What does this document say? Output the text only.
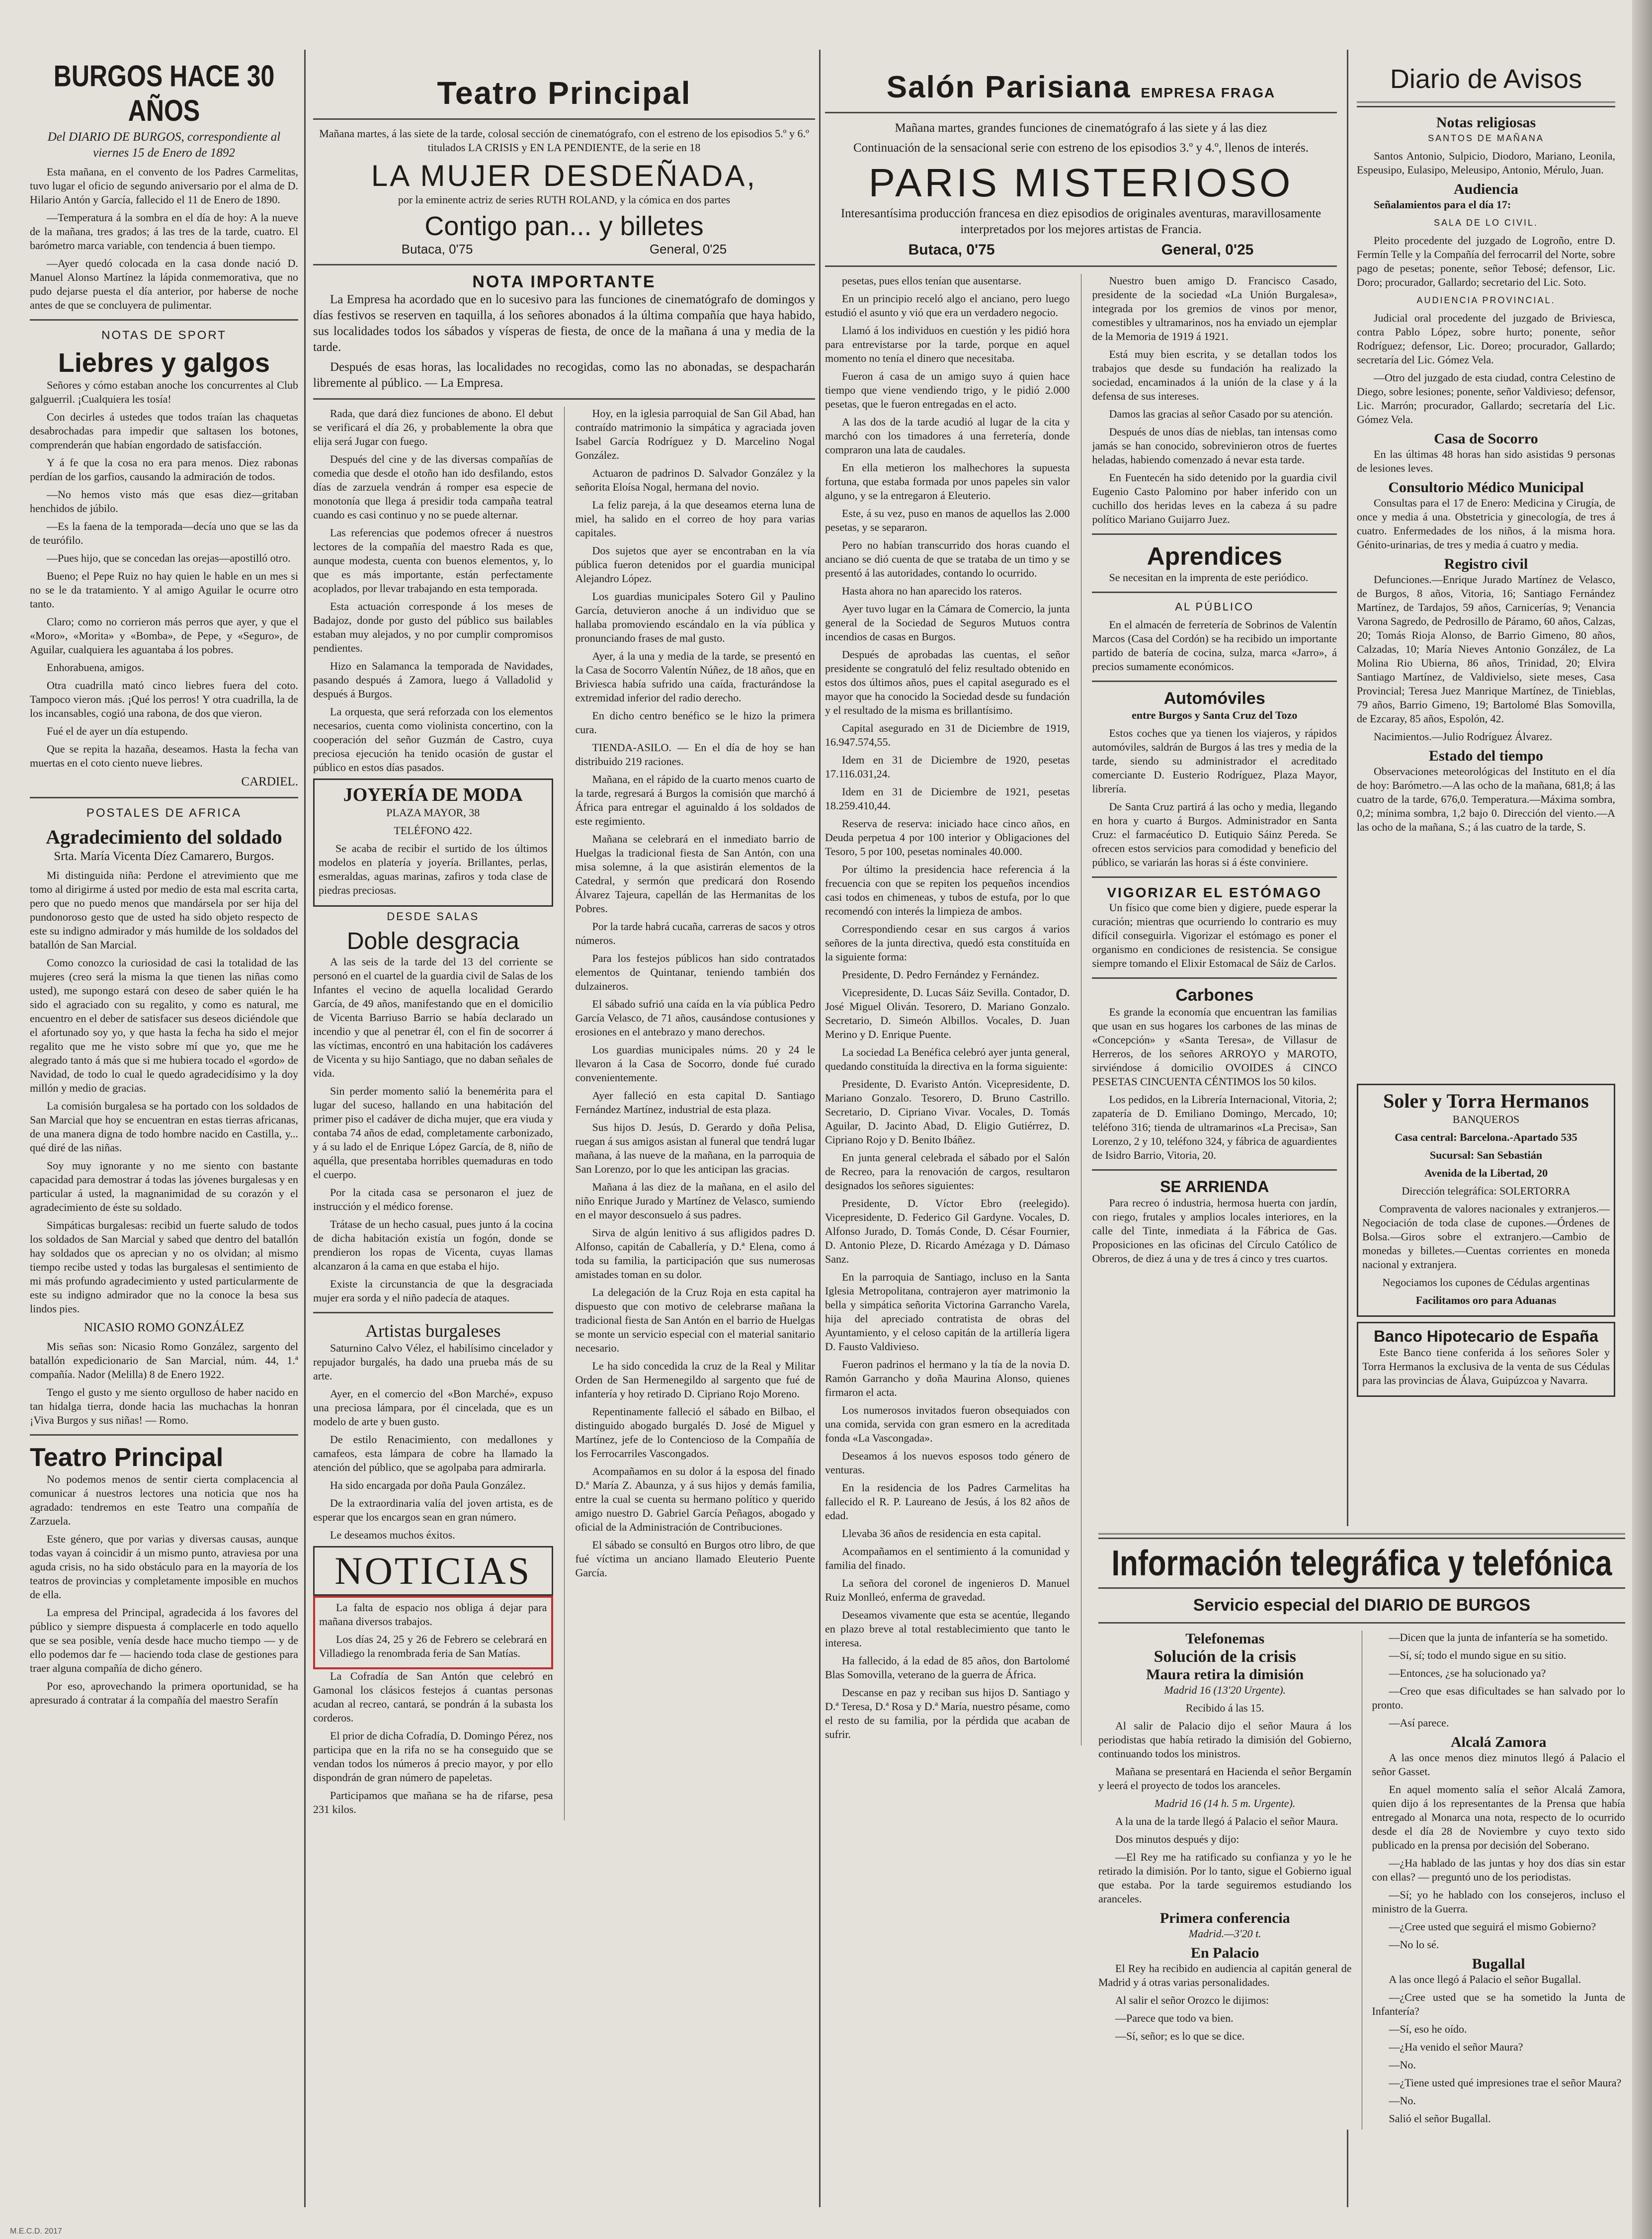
BURGOS HACE 30 AÑOS

Del DIARIO DE BURGOS, correspondiente al viernes 15 de Enero de 1892

Esta mañana, en el convento de los Padres Carmelitas, tuvo lugar el oficio de segundo aniversario por el alma de D. Hilario Antón y García, fallecido el 11 de Enero de 1890.

—Temperatura á la sombra en el día de hoy: A la nueve de la mañana, tres grados; á las tres de la tarde, cuatro. El barómetro marca variable, con tendencia á buen tiempo.

—Ayer quedó colocada en la casa donde nació D. Manuel Alonso Martínez la lápida conmemorativa, que no pudo dejarse puesta el día anterior, por haberse de noche antes de que se concluyera de pulimentar.

NOTAS DE SPORT

Liebres y galgos

Señores y cómo estaban anoche los concurrentes al Club galguerril. ¡Cualquiera les tosía!

Con decirles á ustedes que todos traían las chaquetas desabrochadas para impedir que saltasen los botones, comprenderán que habían engordado de satisfacción.

Y á fe que la cosa no era para menos. Diez rabonas perdían de los garfios, causando la admiración de todos.

—No hemos visto más que esas diez—gritaban henchidos de júbilo.

—Es la faena de la temporada—decía uno que se las da de teurófilo.

—Pues hijo, que se concedan las orejas—apostilló otro.

Bueno; el Pepe Ruiz no hay quien le hable en un mes si no se le da tratamiento. Y al amigo Aguilar le ocurre otro tanto.

Claro; como no corrieron más perros que ayer, y que el «Moro», «Morita» y «Bomba», de Pepe, y «Seguro», de Aguilar, cualquiera les aguantaba á los pobres.

Enhorabuena, amigos.

Otra cuadrilla mató cinco liebres fuera del coto. Tampoco vieron más. ¡Qué los perros! Y otra cuadrilla, la de los incansables, cogió una rabona, de dos que vieron.

Fué el de ayer un día estupendo.

Que se repita la hazaña, deseamos. Hasta la fecha van muertas en el coto ciento nueve liebres.

CARDIEL.

POSTALES DE AFRICA

Agradecimiento del soldado

Srta. María Vicenta Díez Camarero, Burgos.

Mi distinguida niña: Perdone el atrevimiento que me tomo al dirigirme á usted por medio de esta mal escrita carta, pero que no puedo menos que mandársela por ser hija del pundonoroso gesto que de usted ha sido objeto respecto de este su indigno admirador y más humilde de los soldados del batallón de San Marcial.

Como conozco la curiosidad de casi la totalidad de las mujeres (creo será la misma la que tienen las niñas como usted), me supongo estará con deseo de saber quién le ha sido el agraciado con su regalito, y como es natural, me encuentro en el deber de satisfacer sus deseos diciéndole que el afortunado soy yo, y que hasta la fecha ha sido el mejor regalito que me he visto sobre mí que yo, que me he alegrado tanto á más que si me hubiera tocado el «gordo» de Navidad, de todo lo cual le quedo agradecidísimo y la doy millón y medio de gracias.

La comisión burgalesa se ha portado con los soldados de San Marcial que hoy se encuentran en estas tierras africanas, de una manera digna de todo hombre nacido en Castilla, y... qué diré de las niñas.

Soy muy ignorante y no me siento con bastante capacidad para demostrar á todas las jóvenes burgalesas y en particular á usted, la magnanimidad de su corazón y el agradecimiento de éste su soldado.

Simpáticas burgalesas: recibid un fuerte saludo de todos los soldados de San Marcial y sabed que dentro del batallón hay soldados que os aprecian y no os olvidan; al mismo tiempo recibe usted y todas las burgalesas el sentimiento de mi más profundo agradecimiento y usted particularmente de este su indigno admirador que no la conoce la besa sus lindos pies.

NICASIO ROMO GONZÁLEZ

Mis señas son: Nicasio Romo González, sargento del batallón expedicionario de San Marcial, núm. 44, 1.ª compañía. Nador (Melilla) 8 de Enero 1922.

Tengo el gusto y me siento orgulloso de haber nacido en tan hidalga tierra, donde hacia las muchachas la honran ¡Viva Burgos y sus niñas! — Romo.

Teatro Principal

No podemos menos de sentir cierta complacencia al comunicar á nuestros lectores una noticia que nos ha agradado: tendremos en este Teatro una compañía de Zarzuela.

Este género, que por varias y diversas causas, aunque todas vayan á coincidir á un mismo punto, atraviesa por una aguda crisis, no ha sido obstáculo para en la mayoría de los teatros de provincias y completamente imposible en muchos de ella.

La empresa del Principal, agradecida á los favores del público y siempre dispuesta á complacerle en todo aquello que se sea posible, venía desde hace mucho tiempo — y de ello podemos dar fe — haciendo toda clase de gestiones para traer alguna compañía de dicho género.

Por eso, aprovechando la primera oportunidad, se ha apresurado á contratar á la compañía del maestro Serafín

Teatro Principal

Mañana martes, á las siete de la tarde, colosal sección de cinematógrafo, con el estreno de los episodios 5.º y 6.º titulados LA CRISIS y EN LA PENDIENTE, de la serie en 18

LA MUJER DESDEÑADA,

por la eminente actriz de series RUTH ROLAND, y la cómica en dos partes

Contigo pan... y billetes
Butaca, 0'75	General, 0'25
NOTA IMPORTANTE

La Empresa ha acordado que en lo sucesivo para las funciones de cinematógrafo de domingos y días festivos se reserven en taquilla, á los señores abonados á la última compañía que haya habido, sus localidades todos los sábados y vísperas de fiesta, de once de la mañana á una y media de la tarde.

Después de esas horas, las localidades no recogidas, como las no abonadas, se despacharán libremente al público. — La Empresa.

Rada, que dará diez funciones de abono. El debut se verificará el día 26, y probablemente la obra que elija será Jugar con fuego.

Después del cine y de las diversas compañías de comedia que desde el otoño han ido desfilando, estos días de zarzuela vendrán á romper esa especie de monotonía que llega á presidir toda campaña teatral cuando es casi continuo y no se puede alternar.

Las referencias que podemos ofrecer á nuestros lectores de la compañía del maestro Rada es que, aunque modesta, cuenta con buenos elementos, y, lo que es más importante, están perfectamente acoplados, por llevar trabajando en esta temporada.

Esta actuación corresponde á los meses de Badajoz, donde por gusto del público sus bailables estaban muy alejados, y no por cumplir compromisos pendientes.

Hizo en Salamanca la temporada de Navidades, pasando después á Zamora, luego á Valladolid y después á Burgos.

La orquesta, que será reforzada con los elementos necesarios, cuenta como violinista concertino, con la cooperación del señor Guzmán de Castro, cuya preciosa ejecución ha tenido ocasión de gustar el público en estos días pasados.

JOYERÍA DE MODA

PLAZA MAYOR, 38

TELÉFONO 422.

Se acaba de recibir el surtido de los últimos modelos en platería y joyería. Brillantes, perlas, esmeraldas, aguas marinas, zafiros y toda clase de piedras preciosas.

DESDE SALAS

Doble desgracia

A las seis de la tarde del 13 del corriente se personó en el cuartel de la guardia civil de Salas de los Infantes el vecino de aquella localidad Gerardo García, de 49 años, manifestando que en el domicilio de Vicenta Barriuso Barrio se había declarado un incendio y que al penetrar él, con el fin de socorrer á las víctimas, encontró en una habitación los cadáveres de Vicenta y su hijo Santiago, que no daban señales de vida.

Sin perder momento salió la benemérita para el lugar del suceso, hallando en una habitación del primer piso el cadáver de dicha mujer, que era viuda y contaba 74 años de edad, completamente carbonizado, y á su lado el de Enrique López García, de 8, niño de aquélla, que presentaba horribles quemaduras en todo el cuerpo.

Por la citada casa se personaron el juez de instrucción y el médico forense.

Trátase de un hecho casual, pues junto á la cocina de dicha habitación existía un fogón, donde se prendieron los ropas de Vicenta, cuyas llamas alcanzaron á la cama en que estaba el hijo.

Existe la circunstancia de que la desgraciada mujer era sorda y el niño padecía de ataques.

Artistas burgaleses

Saturnino Calvo Vélez, el habilísimo cincelador y repujador burgalés, ha dado una prueba más de su arte.

Ayer, en el comercio del «Bon Marché», expuso una preciosa lámpara, por él cincelada, que es un modelo de arte y buen gusto.

De estilo Renacimiento, con medallones y camafeos, esta lámpara de cobre ha llamado la atención del público, que se agolpaba para admirarla.

Ha sido encargada por doña Paula González.

De la extraordinaria valía del joven artista, es de esperar que los encargos sean en gran número.

Le deseamos muchos éxitos.

NOTICIAS

La falta de espacio nos obliga á dejar para mañana diversos trabajos.

Los días 24, 25 y 26 de Febrero se celebrará en Villadiego la renombrada feria de San Matías.

La Cofradía de San Antón que celebró en Gamonal los clásicos festejos á cuantas personas acudan al recreo, cantará, se pondrán á la subasta los corderos.

El prior de dicha Cofradía, D. Domingo Pérez, nos participa que en la rifa no se ha conseguido que se vendan todos los números á precio mayor, y por ello dispondrán de gran número de papeletas.

Participamos que mañana se ha de rifarse, pesa 231 kilos.

Hoy, en la iglesia parroquial de San Gil Abad, han contraído matrimonio la simpática y agraciada joven Isabel García Rodríguez y D. Marcelino Nogal González.

Actuaron de padrinos D. Salvador González y la señorita Eloísa Nogal, hermana del novio.

La feliz pareja, á la que deseamos eterna luna de miel, ha salido en el correo de hoy para varias capitales.

Dos sujetos que ayer se encontraban en la vía pública fueron detenidos por el guardia municipal Alejandro López.

Los guardias municipales Sotero Gil y Paulino García, detuvieron anoche á un individuo que se hallaba promoviendo escándalo en la vía pública y pronunciando frases de mal gusto.

Ayer, á la una y media de la tarde, se presentó en la Casa de Socorro Valentín Núñez, de 18 años, que en Briviesca había sufrido una caída, fracturándose la extremidad inferior del radio derecho.

En dicho centro benéfico se le hizo la primera cura.

TIENDA-ASILO. — En el día de hoy se han distribuido 219 raciones.

Mañana, en el rápido de la cuarto menos cuarto de la tarde, regresará á Burgos la comisión que marchó á África para entregar el aguinaldo á los soldados de este regimiento.

Mañana se celebrará en el inmediato barrio de Huelgas la tradicional fiesta de San Antón, con una misa solemne, á la que asistirán elementos de la Catedral, y sermón que predicará don Rosendo Álvarez Tajeura, capellán de las Hermanitas de los Pobres.

Por la tarde habrá cucaña, carreras de sacos y otros números.

Para los festejos públicos han sido contratados elementos de Quintanar, teniendo también dos dulzaineros.

El sábado sufrió una caída en la vía pública Pedro García Velasco, de 71 años, causándose contusiones y erosiones en el antebrazo y mano derechos.

Los guardias municipales núms. 20 y 24 le llevaron á la Casa de Socorro, donde fué curado convenientemente.

Ayer falleció en esta capital D. Santiago Fernández Martínez, industrial de esta plaza.

Sus hijos D. Jesús, D. Gerardo y doña Pelisa, ruegan á sus amigos asistan al funeral que tendrá lugar mañana, á las nueve de la mañana, en la parroquia de San Lorenzo, por lo que les anticipan las gracias.

Mañana á las diez de la mañana, en el asilo del niño Enrique Jurado y Martínez de Velasco, sumiendo en el mayor desconsuelo á sus padres.

Sirva de algún lenitivo á sus afligidos padres D. Alfonso, capitán de Caballería, y D.ª Elena, como á toda su familia, la participación que sus numerosas amistades toman en su dolor.

La delegación de la Cruz Roja en esta capital ha dispuesto que con motivo de celebrarse mañana la tradicional fiesta de San Antón en el barrio de Huelgas se monte un servicio especial con el material sanitario necesario.

Le ha sido concedida la cruz de la Real y Militar Orden de San Hermenegildo al sargento que fué de infantería y hoy retirado D. Cipriano Rojo Moreno.

Repentinamente falleció el sábado en Bilbao, el distinguido abogado burgalés D. José de Miguel y Martínez, jefe de lo Contencioso de la Compañía de los Ferrocarriles Vascongados.

Acompañamos en su dolor á la esposa del finado D.ª María Z. Abaunza, y á sus hijos y demás familia, entre la cual se cuenta su hermano político y querido amigo nuestro D. Gabriel García Peñagos, abogado y oficial de la Administración de Contribuciones.

El sábado se consultó en Burgos otro libro, de que fué víctima un anciano llamado Eleuterio Puente García.

Salón Parisiana EMPRESA FRAGA

Mañana martes, grandes funciones de cinematógrafo á las siete y á las diez

Continuación de la sensacional serie con estreno de los episodios 3.º y 4.º, llenos de interés.

PARIS MISTERIOSO

Interesantísima producción francesa en diez episodios de originales aventuras, maravillosamente interpretados por los mejores artistas de Francia.

Butaca, 0'75	General, 0'25

pesetas, pues ellos tenían que ausentarse.

En un principio receló algo el anciano, pero luego estudió el asunto y vió que era un verdadero negocio.

Llamó á los individuos en cuestión y les pidió hora para entrevistarse por la tarde, porque en aquel momento no tenía el dinero que necesitaba.

Fueron á casa de un amigo suyo á quien hace tiempo que viene vendiendo trigo, y le pidió 2.000 pesetas, que le fueron entregadas en el acto.

A las dos de la tarde acudió al lugar de la cita y marchó con los timadores á una ferretería, donde compraron una lata de caudales.

En ella metieron los malhechores la supuesta fortuna, que estaba formada por unos papeles sin valor alguno, y se la entregaron á Eleuterio.

Este, á su vez, puso en manos de aquellos las 2.000 pesetas, y se separaron.

Pero no habían transcurrido dos horas cuando el anciano se dió cuenta de que se trataba de un timo y se presentó á las autoridades, contando lo ocurrido.

Hasta ahora no han aparecido los rateros.

Ayer tuvo lugar en la Cámara de Comercio, la junta general de la Sociedad de Seguros Mutuos contra incendios de casas en Burgos.

Después de aprobadas las cuentas, el señor presidente se congratuló del feliz resultado obtenido en estos dos últimos años, pues el capital asegurado es el mayor que ha conocido la Sociedad desde su fundación y el resultado de la misma es brillantísimo.

Capital asegurado en 31 de Diciembre de 1919, 16.947.574,55.

Idem en 31 de Diciembre de 1920, pesetas 17.116.031,24.

Idem en 31 de Diciembre de 1921, pesetas 18.259.410,44.

Reserva de reserva: iniciado hace cinco años, en Deuda perpetua 4 por 100 interior y Obligaciones del Tesoro, 5 por 100, pesetas nominales 40.000.

Por último la presidencia hace referencia á la frecuencia con que se repiten los pequeños incendios casi todos en chimeneas, y tubos de estufa, por lo que recomendó con interés la limpieza de ambos.

Correspondiendo cesar en sus cargos á varios señores de la junta directiva, quedó esta constituída en la siguiente forma:

Presidente, D. Pedro Fernández y Fernández.

Vicepresidente, D. Lucas Sáiz Sevilla. Contador, D. José Miguel Oliván. Tesorero, D. Mariano Gonzalo. Secretario, D. Simeón Albillos. Vocales, D. Juan Merino y D. Enrique Puente.

La sociedad La Benéfica celebró ayer junta general, quedando constituída la directiva en la forma siguiente:

Presidente, D. Evaristo Antón. Vicepresidente, D. Mariano Gonzalo. Tesorero, D. Bruno Castrillo. Secretario, D. Cipriano Vivar. Vocales, D. Tomás Aguilar, D. Jacinto Abad, D. Eligio Gutiérrez, D. Cipriano Rojo y D. Benito Ibáñez.

En junta general celebrada el sábado por el Salón de Recreo, para la renovación de cargos, resultaron designados los señores siguientes:

Presidente, D. Víctor Ebro (reelegido). Vicepresidente, D. Federico Gil Gardyne. Vocales, D. Alfonso Jurado, D. Tomás Conde, D. César Fournier, D. Antonio Pleze, D. Ricardo Amézaga y D. Dámaso Sanz.

En la parroquia de Santiago, incluso en la Santa Iglesia Metropolitana, contrajeron ayer matrimonio la bella y simpática señorita Victorina Garrancho Varela, hija del apreciado contratista de obras del Ayuntamiento, y el celoso capitán de la artillería ligera D. Fausto Valdivieso.

Fueron padrinos el hermano y la tía de la novia D. Ramón Garrancho y doña Maurina Alonso, quienes firmaron el acta.

Los numerosos invitados fueron obsequiados con una comida, servida con gran esmero en la acreditada fonda «La Vascongada».

Deseamos á los nuevos esposos todo género de venturas.

En la residencia de los Padres Carmelitas ha fallecido el R. P. Laureano de Jesús, á los 82 años de edad.

Llevaba 36 años de residencia en esta capital.

Acompañamos en el sentimiento á la comunidad y familia del finado.

La señora del coronel de ingenieros D. Manuel Ruiz Monlleó, enferma de gravedad.

Deseamos vivamente que esta se acentúe, llegando en plazo breve al total restablecimiento que tanto le interesa.

Ha fallecido, á la edad de 85 años, don Bartolomé Blas Somovilla, veterano de la guerra de África.

Descanse en paz y reciban sus hijos D. Santiago y D.ª Teresa, D.ª Rosa y D.ª María, nuestro pésame, como el resto de su familia, por la pérdida que acaban de sufrir.

Nuestro buen amigo D. Francisco Casado, presidente de la sociedad «La Unión Burgalesa», integrada por los gremios de vinos por menor, comestibles y ultramarinos, nos ha enviado un ejemplar de la Memoria de 1919 á 1921.

Está muy bien escrita, y se detallan todos los trabajos que desde su fundación ha realizado la sociedad, encaminados á la unión de la clase y á la defensa de sus intereses.

Damos las gracias al señor Casado por su atención.

Después de unos días de nieblas, tan intensas como jamás se han conocido, sobrevinieron otros de fuertes heladas, habiendo comenzado á nevar esta tarde.

En Fuentecén ha sido detenido por la guardia civil Eugenio Casto Palomino por haber inferido con un cuchillo dos heridas leves en la cabeza á su padre político Mariano Guijarro Juez.

Aprendices

Se necesitan en la imprenta de este periódico.

AL PÚBLICO

En el almacén de ferretería de Sobrinos de Valentín Marcos (Casa del Cordón) se ha recibido un importante partido de batería de cocina, sulza, marca «Jarro», á precios sumamente económicos.

Automóviles

entre Burgos y Santa Cruz del Tozo

Estos coches que ya tienen los viajeros, y rápidos automóviles, saldrán de Burgos á las tres y media de la tarde, siendo su administrador el acreditado comerciante D. Eusterio Rodríguez, Plaza Mayor, librería.

De Santa Cruz partirá á las ocho y media, llegando en hora y cuarto á Burgos. Administrador en Santa Cruz: el farmacéutico D. Eutiquio Sáinz Pereda. Se ofrecen estos servicios para comodidad y beneficio del público, se variarán las horas si á éste conviniere.

VIGORIZAR EL ESTÓMAGO

Un físico que come bien y digiere, puede esperar la curación; mientras que ocurriendo lo contrario es muy difícil conseguirla. Vigorizar el estómago es poner el organismo en condiciones de resistencia. Se consigue siempre tomando el Elixir Estomacal de Sáiz de Carlos.

Carbones

Es grande la economía que encuentran las familias que usan en sus hogares los carbones de las minas de «Concepción» y «Santa Teresa», de Villasur de Herreros, de los señores ARROYO y MAROTO, sirviéndose á domicilio OVOIDES á CINCO PESETAS CINCUENTA CÉNTIMOS los 50 kilos.

Los pedidos, en la Librería Internacional, Vitoria, 2; zapatería de D. Emiliano Domingo, Mercado, 10; teléfono 316; tienda de ultramarinos «La Precisa», San Lorenzo, 2 y 10, teléfono 324, y fábrica de aguardientes de Isidro Barrio, Vitoria, 20.

SE ARRIENDA

Para recreo ó industria, hermosa huerta con jardín, con riego, frutales y amplios locales interiores, en la calle del Tinte, inmediata á la Fábrica de Gas. Proposiciones en las oficinas del Círculo Católico de Obreros, de diez á una y de tres á cinco y tres cuartos.

Diario de Avisos
Notas religiosas

SANTOS DE MAÑANA

Santos Antonio, Sulpicio, Diodoro, Mariano, Leonila, Espeusipo, Eulasipo, Meleusipo, Antonio, Mérulo, Juan.

Audiencia

Señalamientos para el día 17:

SALA DE LO CIVIL.

Pleito procedente del juzgado de Logroño, entre D. Fermín Telle y la Compañía del ferrocarril del Norte, sobre pago de pesetas; ponente, señor Tebosé; defensor, Lic. Doro; procurador, Gallardo; secretario del Lic. Soto.

AUDIENCIA PROVINCIAL.

Judicial oral procedente del juzgado de Briviesca, contra Pablo López, sobre hurto; ponente, señor Rodríguez; defensor, Lic. Doreo; procurador, Gallardo; secretaría del Lic. Gómez Vela.

—Otro del juzgado de esta ciudad, contra Celestino de Diego, sobre lesiones; ponente, señor Valdivieso; defensor, Lic. Marrón; procurador, Gallardo; secretaría del Lic. Gómez Vela.

Casa de Socorro

En las últimas 48 horas han sido asistidas 9 personas de lesiones leves.

Consultorio Médico Municipal

Consultas para el 17 de Enero: Medicina y Cirugía, de once y media á una. Obstetricia y ginecología, de tres á cuatro. Enfermedades de los niños, á la misma hora. Génito-urinarias, de tres y media á cuatro y media.

Registro civil

Defunciones.—Enrique Jurado Martínez de Velasco, de Burgos, 8 años, Vitoria, 16; Santiago Fernández Martínez, de Tardajos, 59 años, Carnicerías, 9; Venancia Varona Sagredo, de Pedrosillo de Páramo, 60 años, Calzas, 20; Tomás Rioja Alonso, de Barrio Gimeno, 80 años, Calzadas, 10; María Nieves Antonio González, de La Molina Rio Ubierna, 86 años, Trinidad, 20; Elvira Santiago Martínez, de Valdivielso, siete meses, Casa Provincial; Teresa Juez Manrique Martínez, de Tinieblas, 79 años, Barrio Gimeno, 19; Bartolomé Blas Somovilla, de Ezcaray, 85 años, Espolón, 42.

Nacimientos.—Julio Rodríguez Álvarez.

Estado del tiempo

Observaciones meteorológicas del Instituto en el día de hoy: Barómetro.—A las ocho de la mañana, 681,8; á las cuatro de la tarde, 676,0. Temperatura.—Máxima sombra, 0,2; mínima sombra, 1,2 bajo 0. Dirección del viento.—A las ocho de la mañana, S.; á las cuatro de la tarde, S.

Soler y Torra Hermanos

BANQUEROS

Casa central: Barcelona.-Apartado 535

Sucursal: San Sebastián

Avenida de la Libertad, 20

Dirección telegráfica: SOLERTORRA

Compraventa de valores nacionales y extranjeros.—Negociación de toda clase de cupones.—Órdenes de Bolsa.—Giros sobre el extranjero.—Cambio de monedas y billetes.—Cuentas corrientes en moneda nacional y extranjera.

Negociamos los cupones de Cédulas argentinas

Facilitamos oro para Aduanas

Banco Hipotecario de España

Este Banco tiene conferida á los señores Soler y Torra Hermanos la exclusiva de la venta de sus Cédulas para las provincias de Álava, Guipúzcoa y Navarra.

Información telegráfica y telefónica
Servicio especial del DIARIO DE BURGOS
Telefonemas
Solución de la crisis
Maura retira la dimisión

Madrid 16 (13'20 Urgente).

Recibido á las 15.

Al salir de Palacio dijo el señor Maura á los periodistas que había retirado la dimisión del Gobierno, continuando todos los ministros.

Mañana se presentará en Hacienda el señor Bergamín y leerá el proyecto de todos los aranceles.

Madrid 16 (14 h. 5 m. Urgente).

A la una de la tarde llegó á Palacio el señor Maura.

Dos minutos después y dijo:

—El Rey me ha ratificado su confianza y yo le he retirado la dimisión. Por lo tanto, sigue el Gobierno igual que estaba. Por la tarde seguiremos estudiando los aranceles.

Primera conferencia

Madrid.—3'20 t.

En Palacio

El Rey ha recibido en audiencia al capitán general de Madrid y á otras varias personalidades.

Al salir el señor Orozco le dijimos:

—Parece que todo va bien.

—Sí, señor; es lo que se dice.

—Dicen que la junta de infantería se ha sometido.

—Sí, sí; todo el mundo sigue en su sitio.

—Entonces, ¿se ha solucionado ya?

—Creo que esas dificultades se han salvado por lo pronto.

—Así parece.

Alcalá Zamora

A las once menos diez minutos llegó á Palacio el señor Gasset.

En aquel momento salía el señor Alcalá Zamora, quien dijo á los representantes de la Prensa que había entregado al Monarca una nota, respecto de lo ocurrido desde el día 28 de Noviembre y cuyo texto sido publicado en la prensa por decisión del Soberano.

—¿Ha hablado de las juntas y hoy dos días sin estar con ellas? — preguntó uno de los periodistas.

—Sí; yo he hablado con los consejeros, incluso el ministro de la Guerra.

—¿Cree usted que seguirá el mismo Gobierno?

—No lo sé.

Bugallal

A las once llegó á Palacio el señor Bugallal.

—¿Cree usted que se ha sometido la Junta de Infantería?

—Sí, eso he oído.

—¿Ha venido el señor Maura?

—No.

—¿Tiene usted qué impresiones trae el señor Maura?

—No.

Salió el señor Bugallal.

M.E.C.D. 2017
